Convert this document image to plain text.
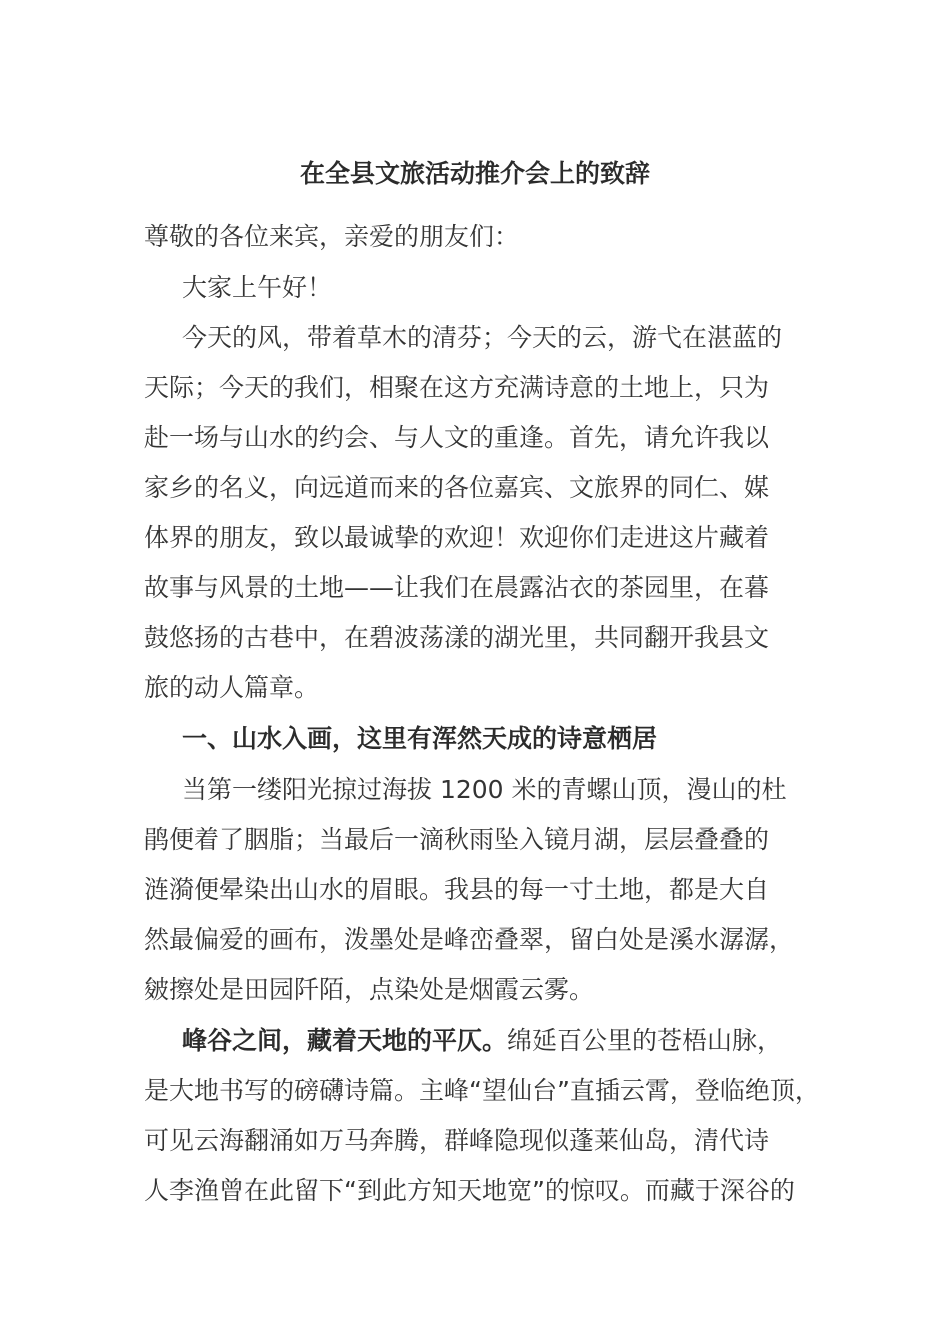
在全县文旅活动推介会上的致辞
尊敬的各位来宾，亲爱的朋友们：
大家上午好！
今天的风，带着草木的清芬；今天的云，游弋在湛蓝的
天际；今天的我们，相聚在这方充满诗意的土地上，只为
赴一场与山水的约会、与人文的重逢。首先，请允许我以
家乡的名义，向远道而来的各位嘉宾、文旅界的同仁、媒
体界的朋友，致以最诚挚的欢迎！欢迎你们走进这片藏着
故事与风景的土地——让我们在晨露沾衣的茶园里，在暮
鼓悠扬的古巷中，在碧波荡漾的湖光里，共同翻开我县文
旅的动人篇章。
一、山水入画，这里有浑然天成的诗意栖居
当第一缕阳光掠过海拔 1200 米的青螺山顶，漫山的杜
鹃便着了胭脂；当最后一滴秋雨坠入镜月湖，层层叠叠的
涟漪便晕染出山水的眉眼。我县的每一寸土地，都是大自
然最偏爱的画布，泼墨处是峰峦叠翠，留白处是溪水潺潺，
皴擦处是田园阡陌，点染处是烟霞云雾。
峰谷之间，藏着天地的平仄。绵延百公里的苍梧山脉，
是大地书写的磅礴诗篇。主峰“望仙台”直插云霄，登临绝顶，
可见云海翻涌如万马奔腾，群峰隐现似蓬莱仙岛，清代诗
人李渔曾在此留下“到此方知天地宽”的惊叹。而藏于深谷的
